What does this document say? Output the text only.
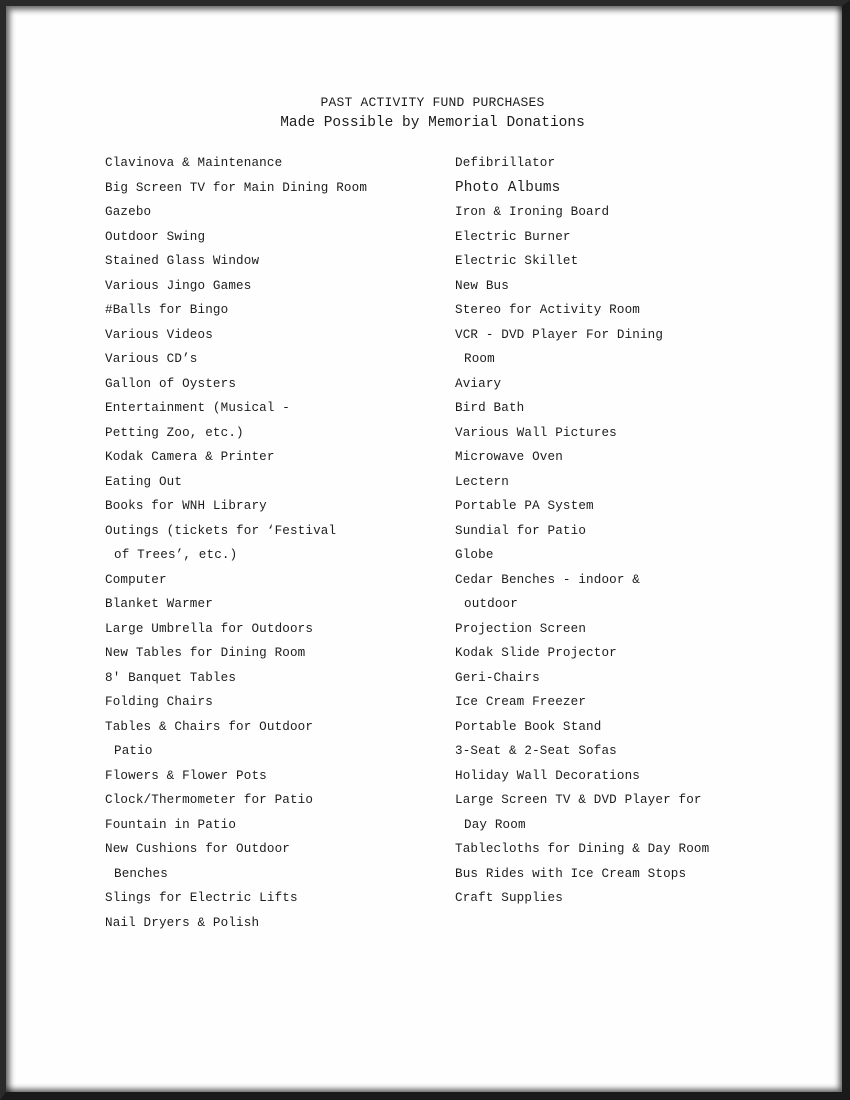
PAST ACTIVITY FUND PURCHASES
Made Possible by Memorial Donations
Clavinova & Maintenance
Big Screen TV for Main Dining Room
Gazebo
Outdoor Swing
Stained Glass Window
Various Jingo Games
#Balls for Bingo
Various Videos
Various CD’s
Gallon of Oysters
Entertainment (Musical -
Petting Zoo, etc.)
Kodak Camera & Printer
Eating Out
Books for WNH Library
Outings (tickets for ‘Festival
of Trees’, etc.)
Computer
Blanket Warmer
Large Umbrella for Outdoors
New Tables for Dining Room
8' Banquet Tables
Folding Chairs
Tables & Chairs for Outdoor
Patio
Flowers & Flower Pots
Clock/Thermometer for Patio
Fountain in Patio
New Cushions for Outdoor
Benches
Slings for Electric Lifts
Nail Dryers & Polish
Defibrillator
Photo Albums
Iron & Ironing Board
Electric Burner
Electric Skillet
New Bus
Stereo for Activity Room
VCR - DVD Player For Dining
Room
Aviary
Bird Bath
Various Wall Pictures
Microwave Oven
Lectern
Portable PA System
Sundial for Patio
Globe
Cedar Benches - indoor &
outdoor
Projection Screen
Kodak Slide Projector
Geri-Chairs
Ice Cream Freezer
Portable Book Stand
3-Seat & 2-Seat Sofas
Holiday Wall Decorations
Large Screen TV & DVD Player for
Day Room
Tablecloths for Dining & Day Room
Bus Rides with Ice Cream Stops
Craft Supplies
